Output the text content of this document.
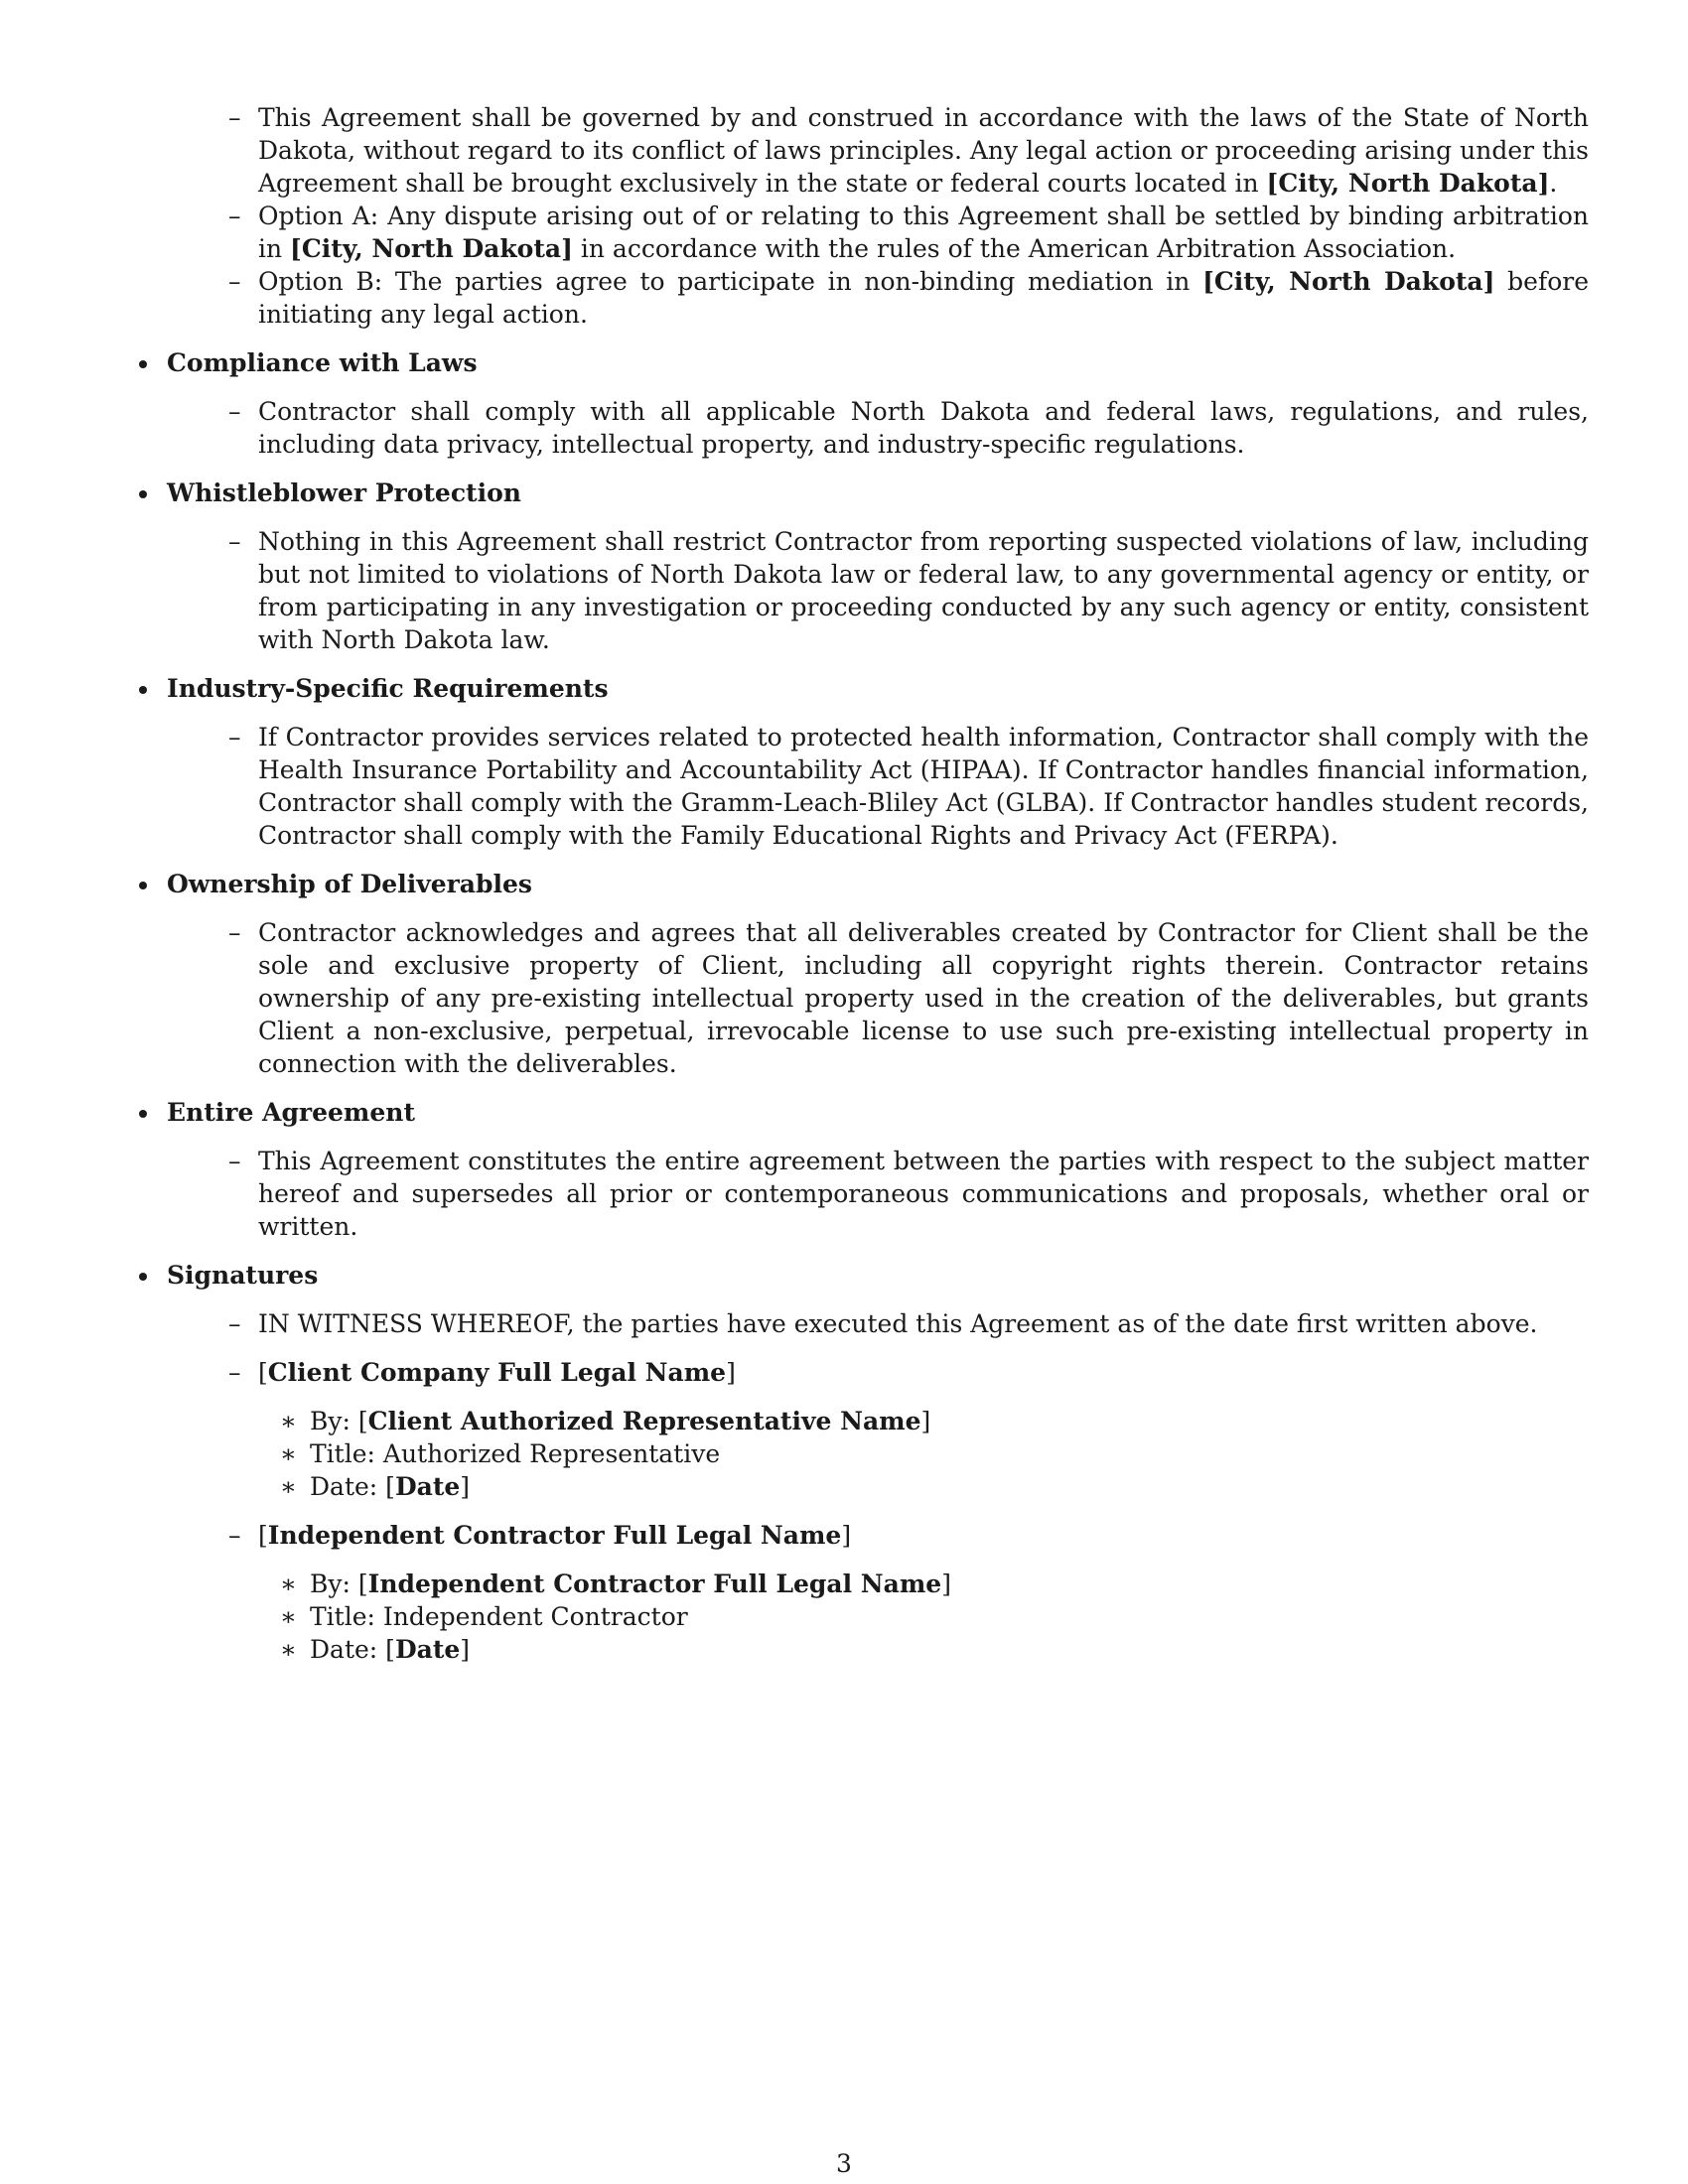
– This Agreement shall be governed by and construed in accordance with the laws of the State of North Dakota, without regard to its conflict of laws principles. Any legal action or proceeding arising under this Agreement shall be brought exclusively in the state or federal courts located in [City, North Dakota].
– Option A: Any dispute arising out of or relating to this Agreement shall be settled by binding arbitration in [City, North Dakota] in accordance with the rules of the American Arbitration Association.
– Option B: The parties agree to participate in non-binding mediation in [City, North Dakota] before initiating any legal action.
Compliance with Laws
– Contractor shall comply with all applicable North Dakota and federal laws, regulations, and rules, including data privacy, intellectual property, and industry-specific regulations.
Whistleblower Protection
– Nothing in this Agreement shall restrict Contractor from reporting suspected violations of law, including but not limited to violations of North Dakota law or federal law, to any governmental agency or entity, or from participating in any investigation or proceeding conducted by any such agency or entity, consistent with North Dakota law.
Industry-Specific Requirements
– If Contractor provides services related to protected health information, Contractor shall comply with the Health Insurance Portability and Accountability Act (HIPAA). If Contractor handles financial information, Contractor shall comply with the Gramm-Leach-Bliley Act (GLBA). If Contractor handles student records, Contractor shall comply with the Family Educational Rights and Privacy Act (FERPA).
Ownership of Deliverables
– Contractor acknowledges and agrees that all deliverables created by Contractor for Client shall be the sole and exclusive property of Client, including all copyright rights therein. Contractor retains ownership of any pre-existing intellectual property used in the creation of the deliverables, but grants Client a non-exclusive, perpetual, irrevocable license to use such pre-existing intellectual property in connection with the deliverables.
Entire Agreement
– This Agreement constitutes the entire agreement between the parties with respect to the subject matter hereof and supersedes all prior or contemporaneous communications and proposals, whether oral or written.
Signatures
– IN WITNESS WHEREOF, the parties have executed this Agreement as of the date first written above.
– [Client Company Full Legal Name]
∗ By: [Client Authorized Representative Name]
∗ Title: Authorized Representative
∗ Date: [Date]
– [Independent Contractor Full Legal Name]
∗ By: [Independent Contractor Full Legal Name]
∗ Title: Independent Contractor
∗ Date: [Date]
3
